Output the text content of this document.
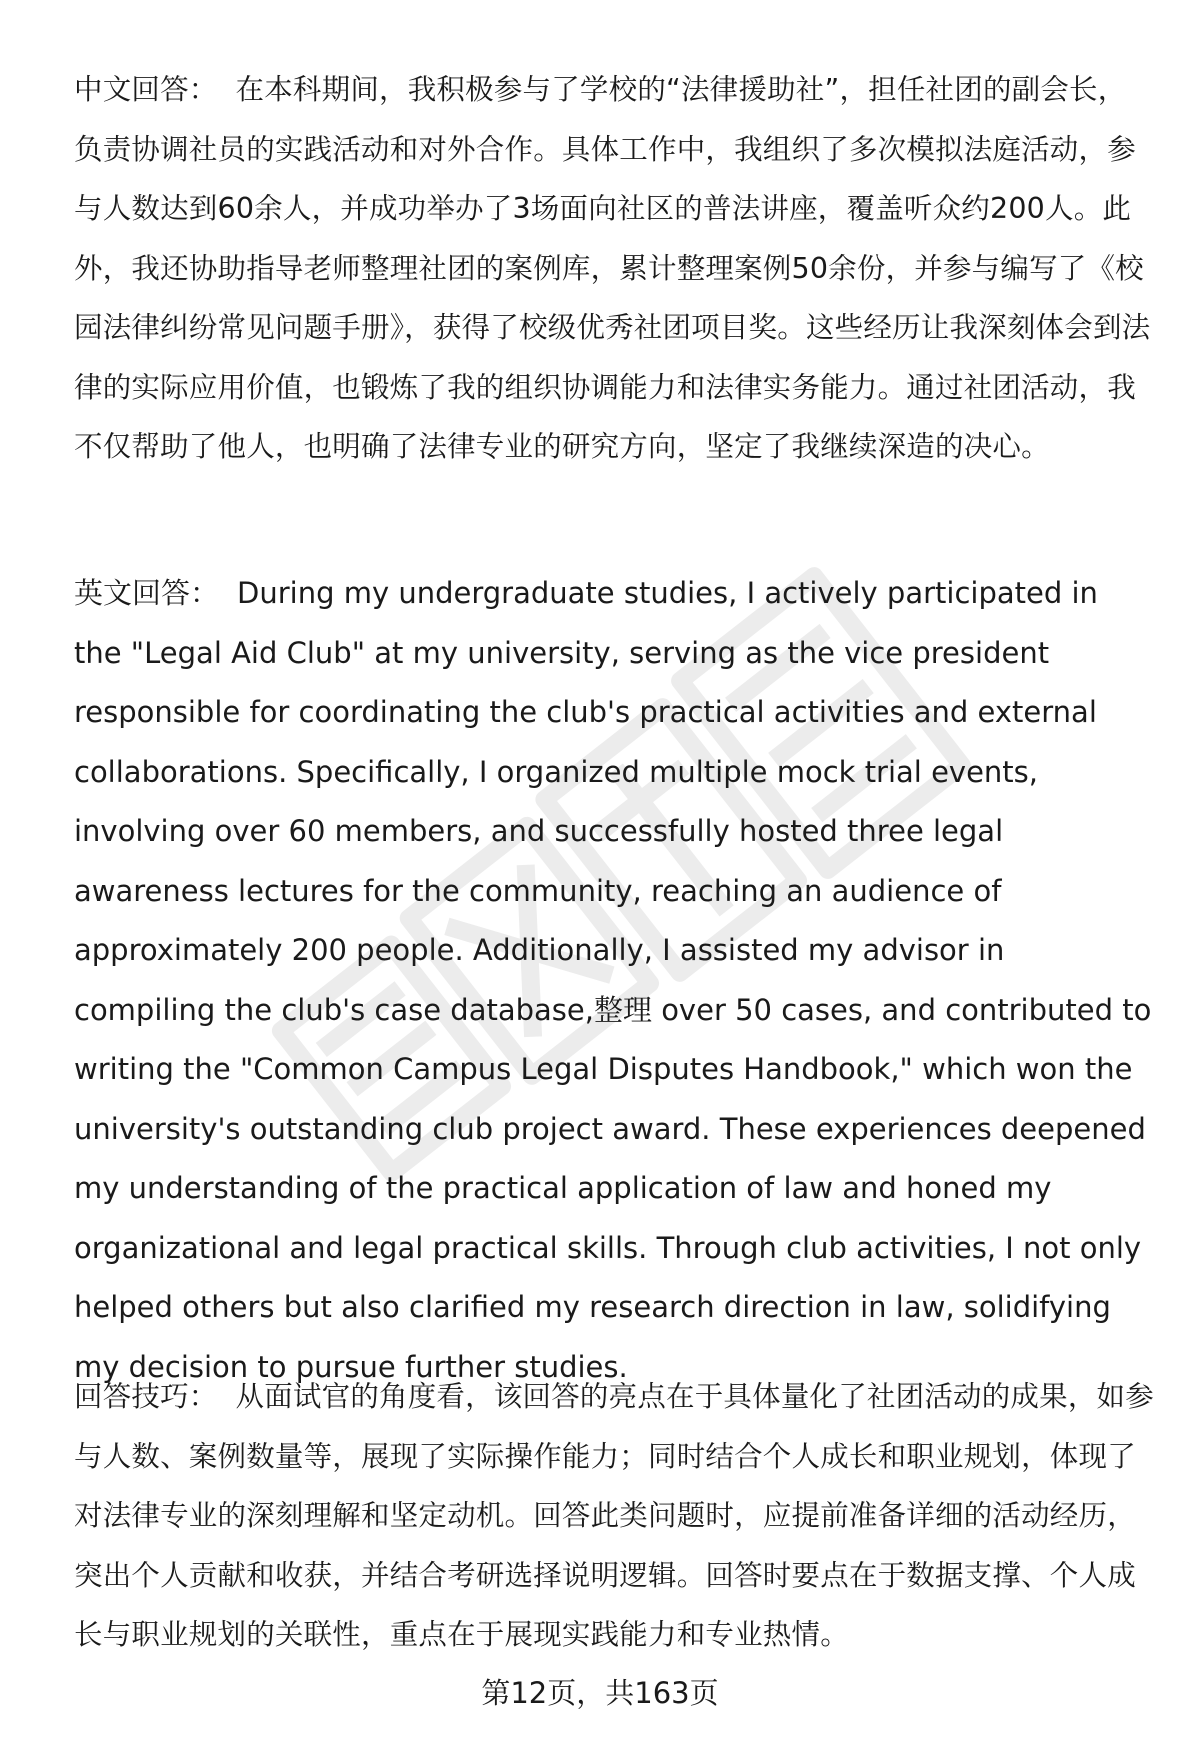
中文回答： 在本科期间，我积极参与了学校的“法律援助社”，担任社团的副会长，负责协调社员的实践活动和对外合作。具体工作中，我组织了多次模拟法庭活动，参与人数达到60余人，并成功举办了3场面向社区的普法讲座，覆盖听众约200人。此外，我还协助指导老师整理社团的案例库，累计整理案例50余份，并参与编写了《校园法律纠纷常见问题手册》，获得了校级优秀社团项目奖。这些经历让我深刻体会到法律的实际应用价值，也锻炼了我的组织协调能力和法律实务能力。通过社团活动，我不仅帮助了他人，也明确了法律专业的研究方向，坚定了我继续深造的决心。
英文回答： During my undergraduate studies, I actively participated in the "Legal Aid Club" at my university, serving as the vice president responsible for coordinating the club's practical activities and external collaborations. Specifically, I organized multiple mock trial events, involving over 60 members, and successfully hosted three legal awareness lectures for the community, reaching an audience of approximately 200 people. Additionally, I assisted my advisor in compiling the club's case database,整理 over 50 cases, and contributed to writing the "Common Campus Legal Disputes Handbook," which won the university's outstanding club project award. These experiences deepened my understanding of the practical application of law and honed my organizational and legal practical skills. Through club activities, I not only helped others but also clarified my research direction in law, solidifying my decision to pursue further studies.
回答技巧： 从面试官的角度看，该回答的亮点在于具体量化了社团活动的成果，如参与人数、案例数量等，展现了实际操作能力；同时结合个人成长和职业规划，体现了对法律专业的深刻理解和坚定动机。回答此类问题时，应提前准备详细的活动经历，突出个人贡献和收获，并结合考研选择说明逻辑。回答时要点在于数据支撑、个人成长与职业规划的关联性，重点在于展现实践能力和专业热情。
第12页，共163页
